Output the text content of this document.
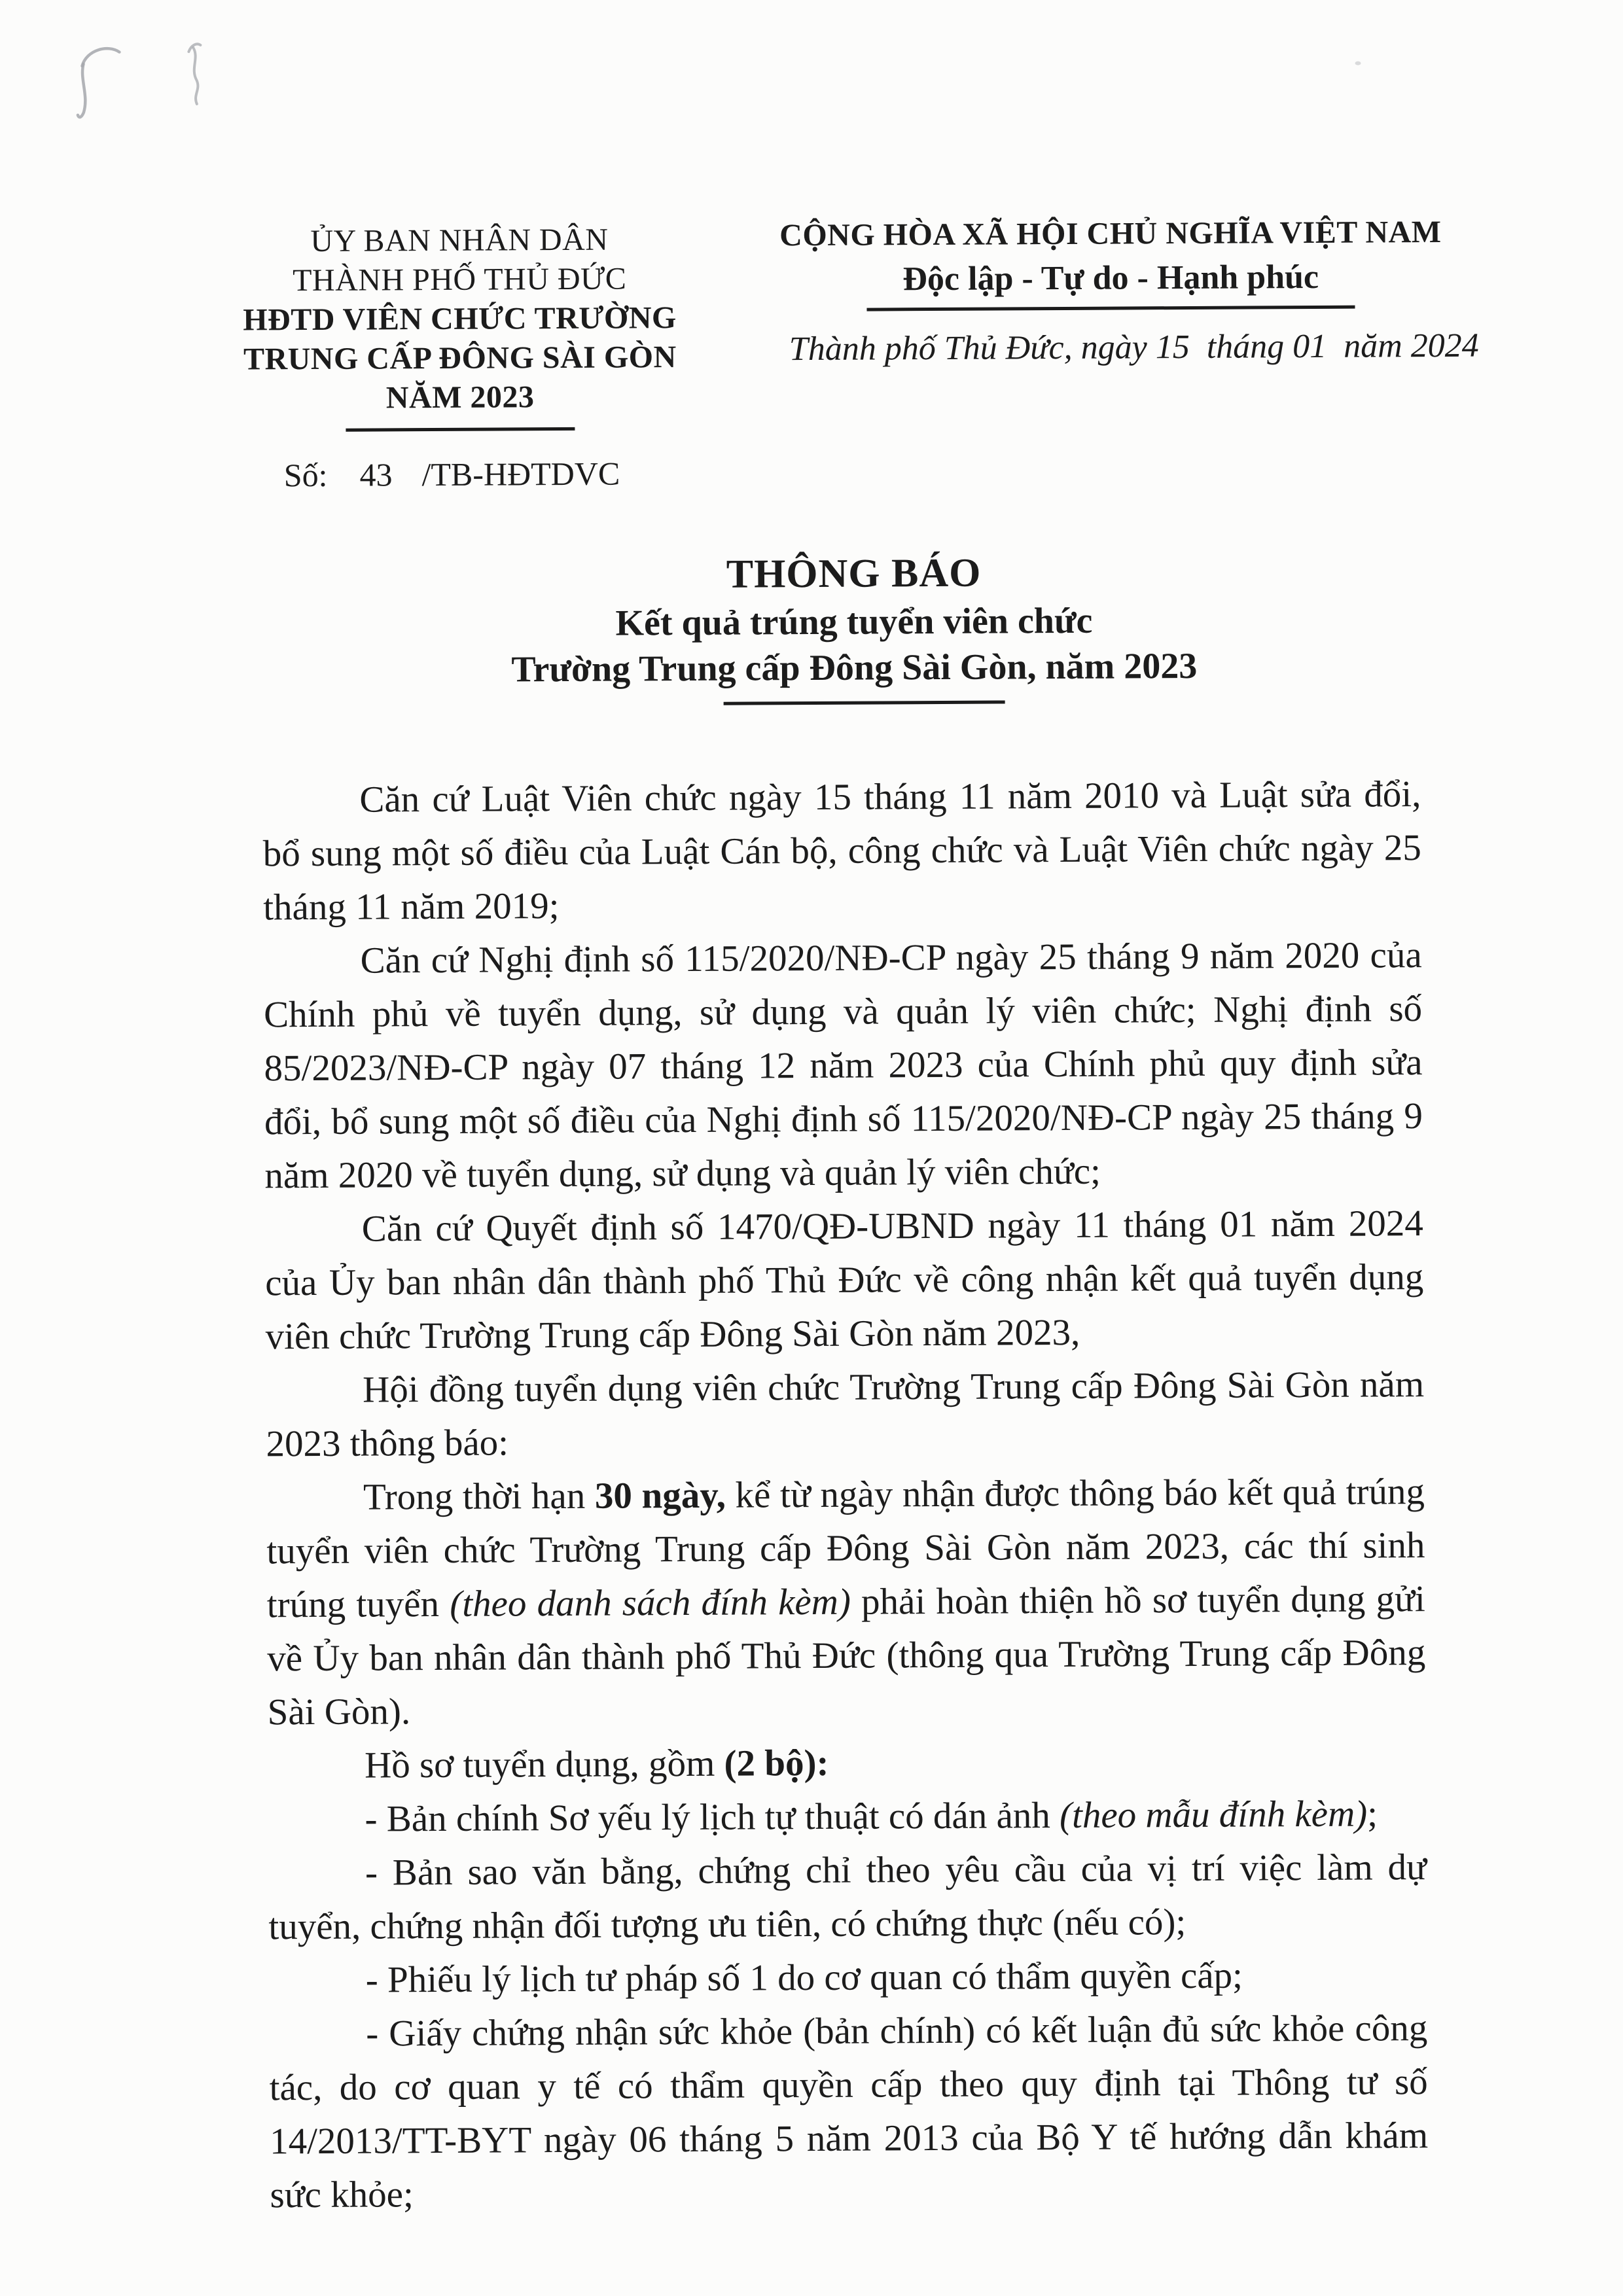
ỦY BAN NHÂN DÂN
THÀNH PHỐ THỦ ĐỨC
HĐTD VIÊN CHỨC TRƯỜNG
TRUNG CẤP ĐÔNG SÀI GÒN
NĂM 2023
CỘNG HÒA XÃ HỘI CHỦ NGHĨA VIỆT NAM
Độc lập - Tự do - Hạnh phúc
Thành phố Thủ Đức, ngày 15  tháng 01  năm 2024
Số: 43 /TB-HĐTDVC
THÔNG BÁO
Kết quả trúng tuyển viên chức
Trường Trung cấp Đông Sài Gòn, năm 2023

Căn cứ Luật Viên chức ngày 15 tháng 11 năm 2010 và Luật sửa đổi, bổ sung một số điều của Luật Cán bộ, công chức và Luật Viên chức ngày 25 tháng 11 năm 2019;

Căn cứ Nghị định số 115/2020/NĐ-CP ngày 25 tháng 9 năm 2020 của Chính phủ về tuyển dụng, sử dụng và quản lý viên chức; Nghị định số 85/2023/NĐ-CP ngày 07 tháng 12 năm 2023 của Chính phủ quy định sửa đổi, bổ sung một số điều của Nghị định số 115/2020/NĐ-CP ngày 25 tháng 9 năm 2020 về tuyển dụng, sử dụng và quản lý viên chức;

Căn cứ Quyết định số 1470/QĐ-UBND ngày 11 tháng 01 năm 2024 của Ủy ban nhân dân thành phố Thủ Đức về công nhận kết quả tuyển dụng viên chức Trường Trung cấp Đông Sài Gòn năm 2023,

Hội đồng tuyển dụng viên chức Trường Trung cấp Đông Sài Gòn năm 2023 thông báo:

Trong thời hạn 30 ngày, kể từ ngày nhận được thông báo kết quả trúng tuyển viên chức Trường Trung cấp Đông Sài Gòn năm 2023, các thí sinh trúng tuyển (theo danh sách đính kèm) phải hoàn thiện hồ sơ tuyển dụng gửi về Ủy ban nhân dân thành phố Thủ Đức (thông qua Trường Trung cấp Đông Sài Gòn).

Hồ sơ tuyển dụng, gồm (2 bộ):

- Bản chính Sơ yếu lý lịch tự thuật có dán ảnh (theo mẫu đính kèm);

- Bản sao văn bằng, chứng chỉ theo yêu cầu của vị trí việc làm dự tuyển, chứng nhận đối tượng ưu tiên, có chứng thực (nếu có);

- Phiếu lý lịch tư pháp số 1 do cơ quan có thẩm quyền cấp;

- Giấy chứng nhận sức khỏe (bản chính) có kết luận đủ sức khỏe công tác, do cơ quan y tế có thẩm quyền cấp theo quy định tại Thông tư số 14/2013/TT-BYT ngày 06 tháng 5 năm 2013 của Bộ Y tế hướng dẫn khám sức khỏe;
